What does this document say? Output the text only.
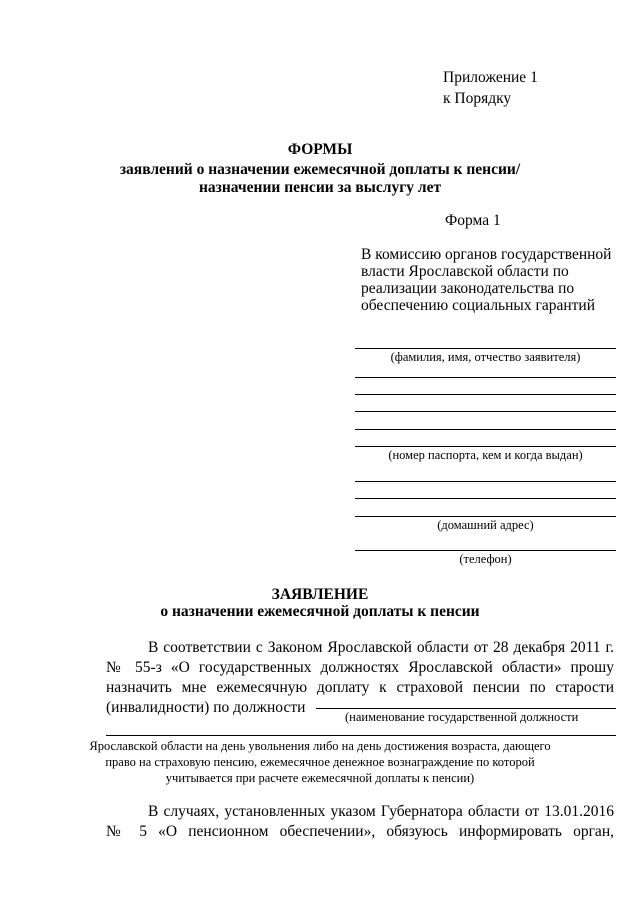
Приложение 1
к Порядку
ФОРМЫ
заявлений о назначении ежемесячной доплаты к пенсии/
назначении пенсии за выслугу лет
Форма 1
В комиссию органов государственной
власти Ярославской области по
реализации законодательства по
обеспечению социальных гарантий
(фамилия, имя, отчество заявителя)
(номер паспорта, кем и когда выдан)
(домашний адрес)
(телефон)
ЗАЯВЛЕНИЕ
о назначении ежемесячной доплаты к пенсии
В соответствии с Законом Ярославской области от 28 декабря 2011 г.
№ 55-з «О государственных должностях Ярославской области» прошу
назначить мне ежемесячную доплату к страховой пенсии по старости
(инвалидности) по должности
(наименование государственной должности
Ярославской области на день увольнения либо на день достижения возраста, дающего
право на страховую пенсию, ежемесячное денежное вознаграждение по которой
учитывается при расчете ежемесячной доплаты к пенсии)
В случаях, установленных указом Губернатора области от 13.01.2016
№ 5 «О пенсионном обеспечении», обязуюсь информировать орган,
